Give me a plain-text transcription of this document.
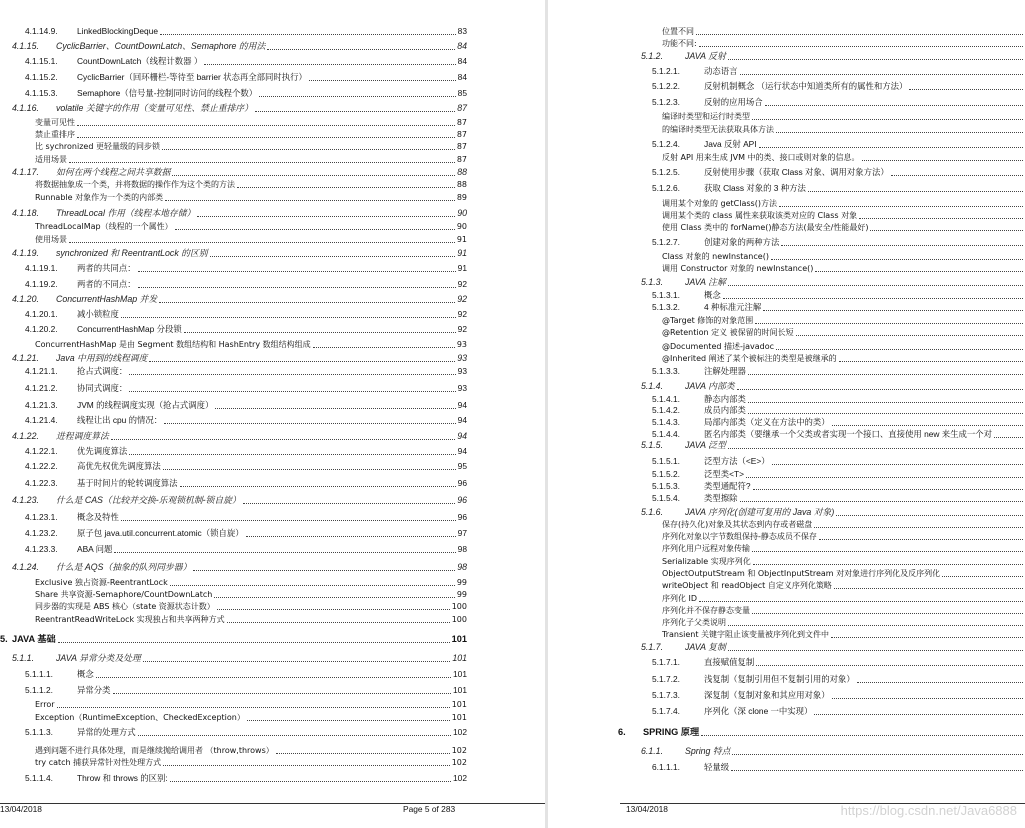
4.1.14.9.	LinkedBlockingDeque	83
4.1.15.	CyclicBarrier、CountDownLatch、Semaphore 的用法	84
4.1.15.1.	CountDownLatch（线程计数器 ）	84
4.1.15.2.	CyclicBarrier（回环栅栏-等待至 barrier 状态再全部同时执行）	84
4.1.15.3.	Semaphore（信号量-控制同时访问的线程个数）	85
4.1.16.	volatile 关键字的作用（变量可见性、禁止重排序）	87
变量可见性	87
禁止重排序	87
比 sychronized 更轻量级的同步锁	87
适用场景	87
4.1.17.	如何在两个线程之间共享数据	88
将数据抽象成一个类，并将数据的操作作为这个类的方法	88
Runnable 对象作为一个类的内部类	89
4.1.18.	ThreadLocal 作用（线程本地存储）	90
ThreadLocalMap（线程的一个属性）	90
使用场景	91
4.1.19.	synchronized 和 ReentrantLock 的区别	91
4.1.19.1.	两者的共同点：	91
4.1.19.2.	两者的不同点：	92
4.1.20.	ConcurrentHashMap 并发	92
4.1.20.1.	减小锁粒度	92
4.1.20.2.	ConcurrentHashMap 分段锁	92
ConcurrentHashMap 是由 Segment 数组结构和 HashEntry 数组结构组成	93
4.1.21.	Java 中用到的线程调度	93
4.1.21.1.	抢占式调度：	93
4.1.21.2.	协同式调度：	93
4.1.21.3.	JVM 的线程调度实现（抢占式调度）	94
4.1.21.4.	线程让出 cpu 的情况：	94
4.1.22.	进程调度算法	94
4.1.22.1.	优先调度算法	94
4.1.22.2.	高优先权优先调度算法	95
4.1.22.3.	基于时间片的轮转调度算法	96
4.1.23.	什么是 CAS（比较并交换-乐观锁机制-锁自旋）	96
4.1.23.1.	概念及特性	96
4.1.23.2.	原子包 java.util.concurrent.atomic（锁自旋）	97
4.1.23.3.	ABA 问题	98
4.1.24.	什么是 AQS（抽象的队列同步器）	98
Exclusive 独占资源-ReentrantLock	99
Share 共享资源-Semaphore/CountDownLatch	99
同步器的实现是 ABS 核心（state 资源状态计数）	100
ReentrantReadWriteLock 实现独占和共享两种方式	100
5. JAVA 基础	101
5.1.1.	JAVA 异常分类及处理	101
5.1.1.1.	概念	101
5.1.1.2.	异常分类	101
Error	101
Exception（RuntimeException、CheckedException）	101
5.1.1.3.	异常的处理方式	102
遇到问题不进行具体处理，而是继续抛给调用者 （throw,throws）	102
try catch 捕获异常针对性处理方式	102
5.1.1.4.	Throw 和 throws 的区别:	102
13/04/2018	Page 5 of 283
位置不同
功能不同:
5.1.2.	JAVA 反射
5.1.2.1.	动态语言
5.1.2.2.	反射机制概念 （运行状态中知道类所有的属性和方法）
5.1.2.3.	反射的应用场合
编译时类型和运行时类型
的编译时类型无法获取具体方法
5.1.2.4.	Java 反射 API
反射 API 用来生成 JVM 中的类、接口或则对象的信息。
5.1.2.5.	反射使用步骤（获取 Class 对象、调用对象方法）
5.1.2.6.	获取 Class 对象的 3 种方法
调用某个对象的 getClass()方法
调用某个类的 class 属性来获取该类对应的 Class 对象
使用 Class 类中的 forName()静态方法(最安全/性能最好)
5.1.2.7.	创建对象的两种方法
Class 对象的 newInstance()
调用 Constructor 对象的 newInstance()
5.1.3.	JAVA 注解
5.1.3.1.	概念
5.1.3.2.	4 种标准元注解
@Target 修饰的对象范围
@Retention 定义 被保留的时间长短
@Documented 描述-javadoc
@Inherited 阐述了某个被标注的类型是被继承的
5.1.3.3.	注解处理器
5.1.4.	JAVA 内部类
5.1.4.1.	静态内部类
5.1.4.2.	成员内部类
5.1.4.3.	局部内部类（定义在方法中的类）
5.1.4.4.	匿名内部类（要继承一个父类或者实现一个接口、直接使用 new 来生成一个对
5.1.5.	JAVA 泛型
5.1.5.1.	泛型方法（<E>）
5.1.5.2.	泛型类<T>
5.1.5.3.	类型通配符?
5.1.5.4.	类型擦除
5.1.6.	JAVA 序列化(创建可复用的 Java 对象)
保存(持久化)对象及其状态到内存或者磁盘
序列化对象以字节数组保持-静态成员不保存
序列化用户远程对象传输
Serializable 实现序列化
ObjectOutputStream 和 ObjectInputStream 对对象进行序列化及反序列化
writeObject 和 readObject 自定义序列化策略
序列化 ID
序列化并不保存静态变量
序列化子父类说明
Transient 关键字阻止该变量被序列化到文件中
5.1.7.	JAVA 复制
5.1.7.1.	直接赋值复制
5.1.7.2.	浅复制（复制引用但不复制引用的对象）
5.1.7.3.	深复制（复制对象和其应用对象）
5.1.7.4.	序列化（深 clone 一中实现）
6.	SPRING 原理
6.1.1.	Spring 特点
6.1.1.1.	轻量级
13/04/2018	https://blog.csdn.net/Java6888
